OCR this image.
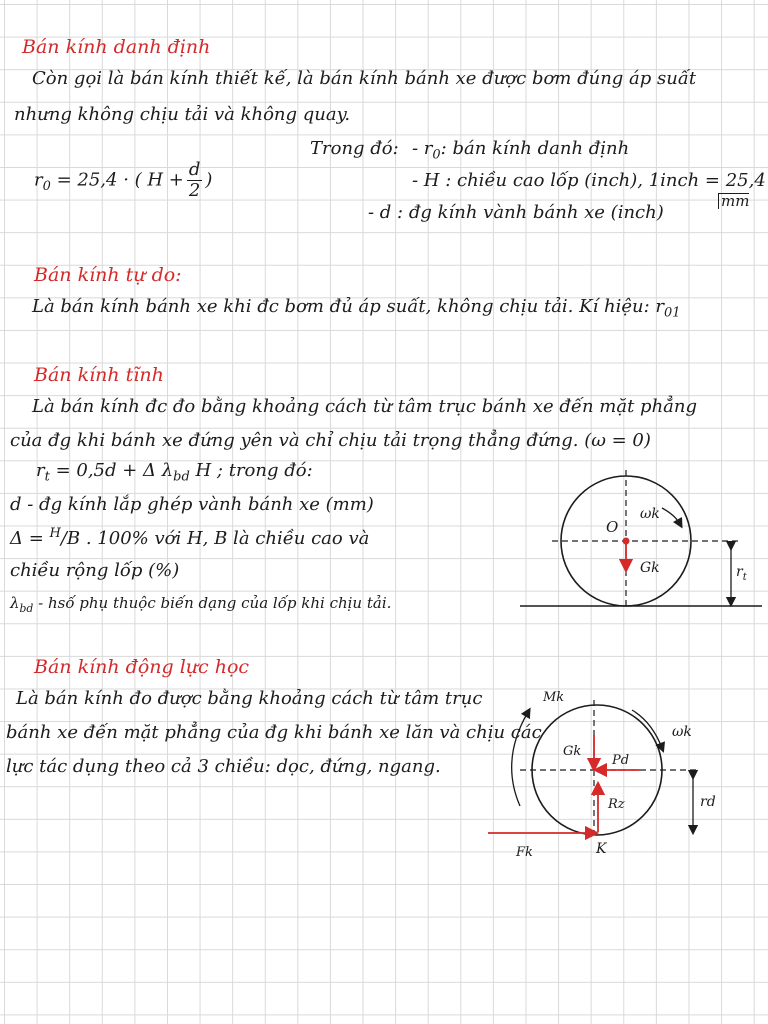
Bán kính danh định
Còn gọi là bán kính thiết kế, là bán kính bánh xe được bơm đúng áp suất
nhưng không chịu tải và không quay.
Trong đó: - $r_0$: bán kính danh định
$r_0 = 25,4$ · ( $H + \frac{d}{2}$ )	- H : chiều cao lốp (inch), 1inch = 25,4
mm
- d : đg kính vành bánh xe (inch)
Bán kính tự do:
Là bán kính bánh xe khi đc bơm đủ áp suất, không chịu tải. Kí hiệu: $r_{01}$
Bán kính tĩnh
Là bán kính đc đo bằng khoảng cách từ tâm trục bánh xe đến mặt phẳng
của đg khi bánh xe đứng yên và chỉ chịu tải trọng thẳng đứng. (ω = 0)
$r_t = 0,5d + \Delta$ $\lambda_{bd}$ H ; trong đó:
d - đg kính lắp ghép vành bánh xe (mm)
Δ = $^H$/B . 100% với H, B là chiều cao và
chiều rộng lốp (%)
$\lambda_{bd}$ - hsố phụ thuộc biến dạng của lốp khi chịu tải.
O
ωk
Gk	$r_t$
Bán kính động lực học
Là bán kính đo được bằng khoảng cách từ tâm trục
bánh xe đến mặt phẳng của đg khi bánh xe lăn và chịu các
lực tác dụng theo cả 3 chiều: dọc, đứng, ngang.
Mk
ωk
Gk
Pd
Rz	rd
Fk	K
